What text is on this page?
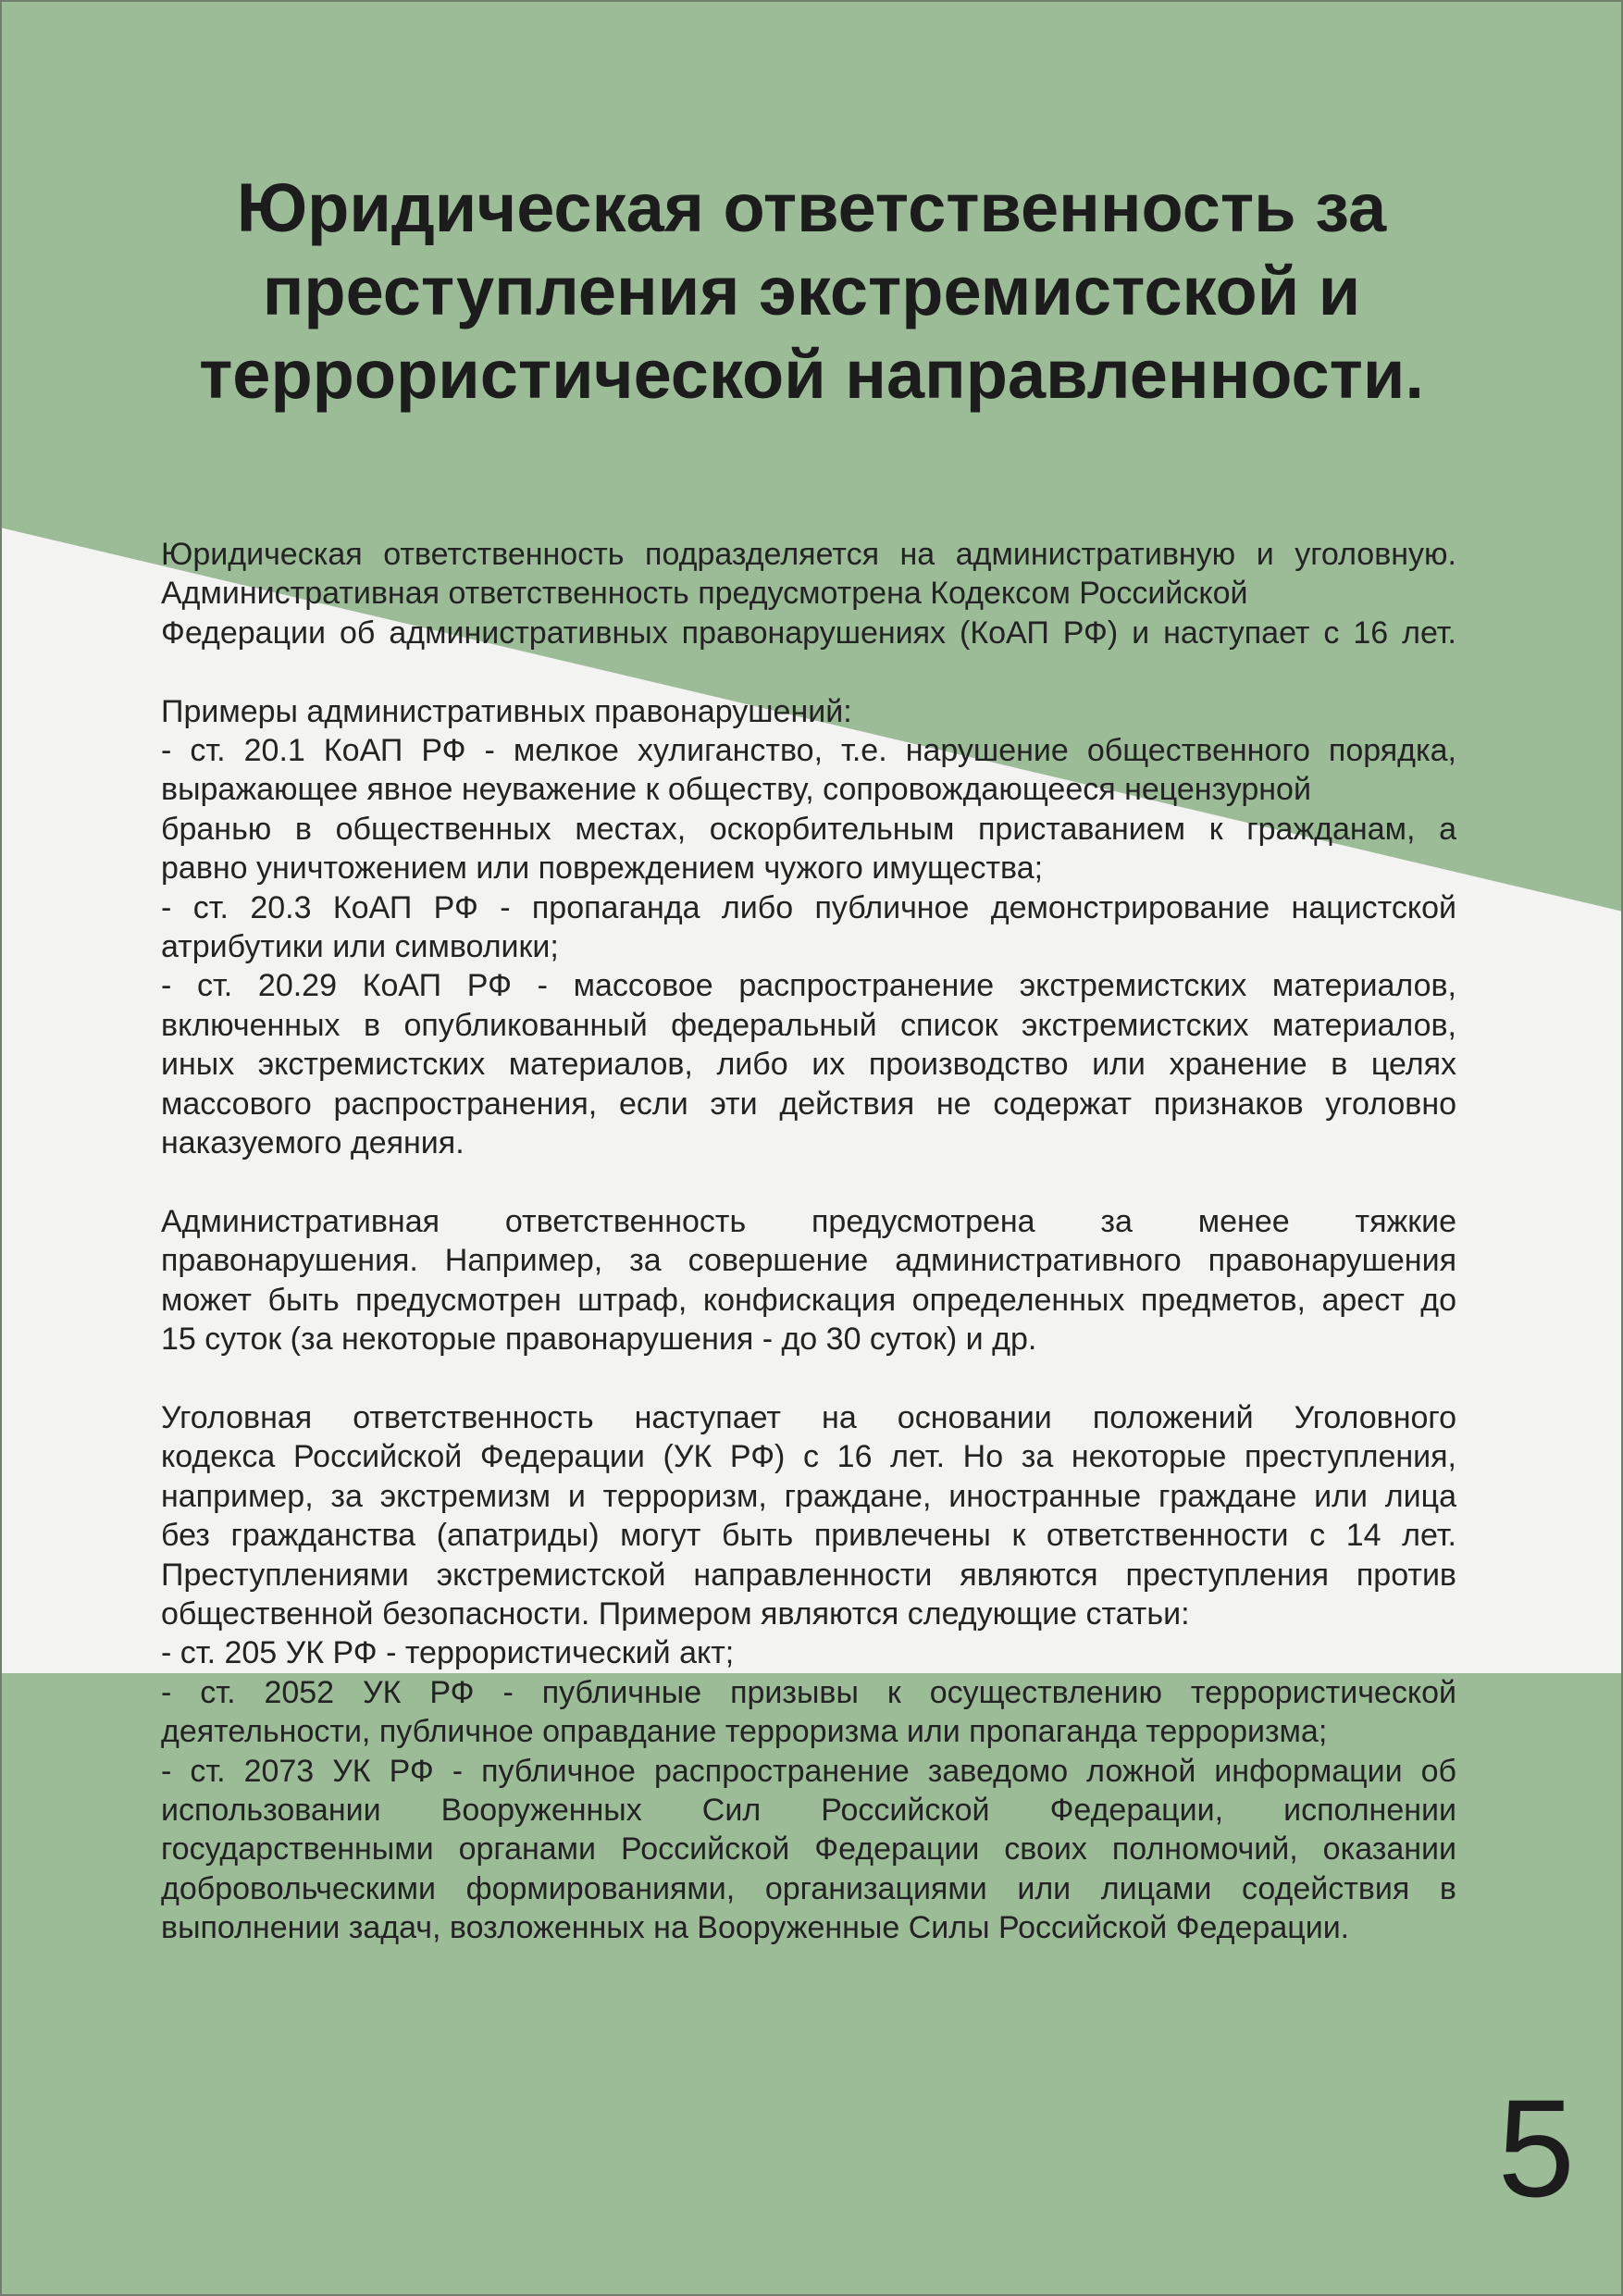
Юридическая ответственность за
преступления экстремистской и
террористической направленности.

Юридическая ответственность подразделяется на административную и уголовную.
Административная ответственность предусмотрена Кодексом Российской
Федерации об административных правонарушениях (КоАП РФ) и наступает с 16 лет.

Примеры административных правонарушений:
- ст. 20.1 КоАП РФ - мелкое хулиганство, т.е. нарушение общественного порядка,
выражающее явное неуважение к обществу, сопровождающееся нецензурной
бранью в общественных местах, оскорбительным приставанием к гражданам, а
равно уничтожением или повреждением чужого имущества;
- ст. 20.3 КоАП РФ - пропаганда либо публичное демонстрирование нацистской
атрибутики или символики;
- ст. 20.29 КоАП РФ - массовое распространение экстремистских материалов,
включенных в опубликованный федеральный список экстремистских материалов,
иных экстремистских материалов, либо их производство или хранение в целях
массового распространения, если эти действия не содержат признаков уголовно
наказуемого деяния.

Административная ответственность предусмотрена за менее тяжкие
правонарушения. Например, за совершение административного правонарушения
может быть предусмотрен штраф, конфискация определенных предметов, арест до
15 суток (за некоторые правонарушения - до 30 суток) и др.

Уголовная ответственность наступает на основании положений Уголовного
кодекса Российской Федерации (УК РФ) с 16 лет. Но за некоторые преступления,
например, за экстремизм и терроризм, граждане, иностранные граждане или лица
без гражданства (апатриды) могут быть привлечены к ответственности с 14 лет.
Преступлениями экстремистской направленности являются преступления против
общественной безопасности. Примером являются следующие статьи:
- ст. 205 УК РФ - террористический акт;
- ст. 2052 УК РФ - публичные призывы к осуществлению террористической
деятельности, публичное оправдание терроризма или пропаганда терроризма;
- ст. 2073 УК РФ - публичное распространение заведомо ложной информации об
использовании Вооруженных Сил Российской Федерации, исполнении
государственными органами Российской Федерации своих полномочий, оказании
добровольческими формированиями, организациями или лицами содействия в
выполнении задач, возложенных на Вооруженные Силы Российской Федерации.

5
